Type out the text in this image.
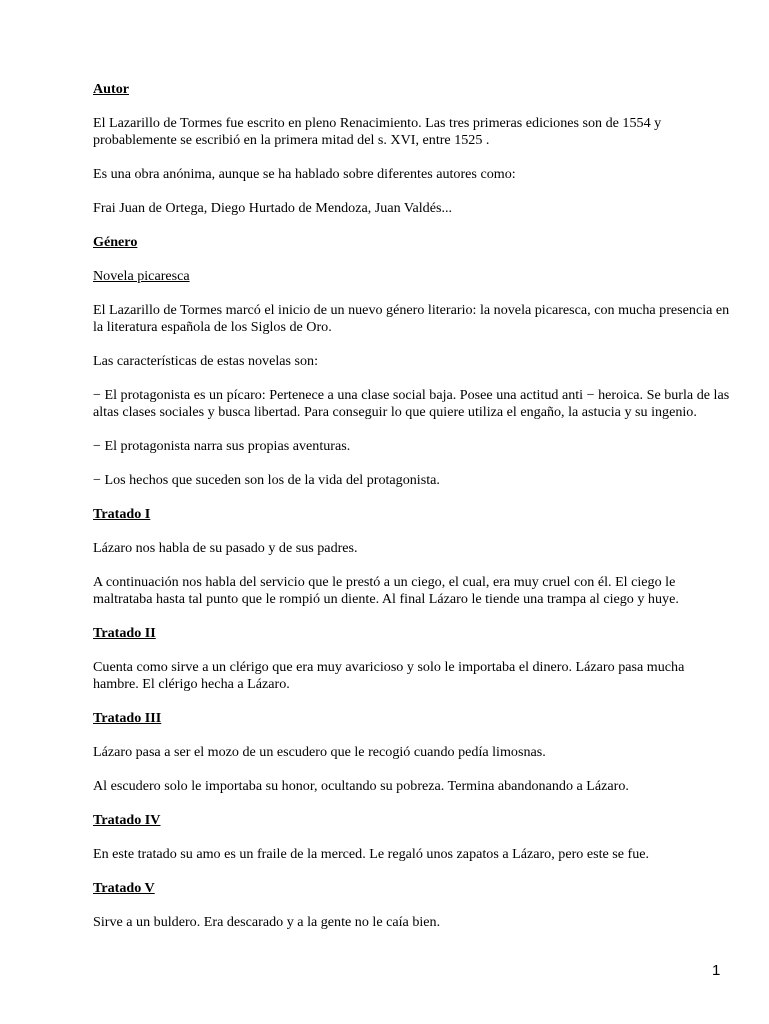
Autor

El Lazarillo de Tormes fue escrito en pleno Renacimiento. Las tres primeras ediciones son de 1554 y probablemente se escribió en la primera mitad del s. XVI, entre 1525 .

Es una obra anónima, aunque se ha hablado sobre diferentes autores como:

Frai Juan de Ortega, Diego Hurtado de Mendoza, Juan Valdés...

Género

Novela picaresca

El Lazarillo de Tormes marcó el inicio de un nuevo género literario: la novela picaresca, con mucha presencia en la literatura española de los Siglos de Oro.

Las características de estas novelas son:

− El protagonista es un pícaro: Pertenece a una clase social baja. Posee una actitud anti − heroica. Se burla de las altas clases sociales y busca libertad. Para conseguir lo que quiere utiliza el engaño, la astucia y su ingenio.

− El protagonista narra sus propias aventuras.

− Los hechos que suceden son los de la vida del protagonista.

Tratado I

Lázaro nos habla de su pasado y de sus padres.

A continuación nos habla del servicio que le prestó a un ciego, el cual, era muy cruel con él. El ciego le maltrataba hasta tal punto que le rompió un diente. Al final Lázaro le tiende una trampa al ciego y huye.

Tratado II

Cuenta como sirve a un clérigo que era muy avaricioso y solo le importaba el dinero. Lázaro pasa mucha hambre. El clérigo hecha a Lázaro.

Tratado III

Lázaro pasa a ser el mozo de un escudero que le recogió cuando pedía limosnas.

Al escudero solo le importaba su honor, ocultando su pobreza. Termina abandonando a Lázaro.

Tratado IV

En este tratado su amo es un fraile de la merced. Le regaló unos zapatos a Lázaro, pero este se fue.

Tratado V

Sirve a un buldero. Era descarado y a la gente no le caía bien.

1
